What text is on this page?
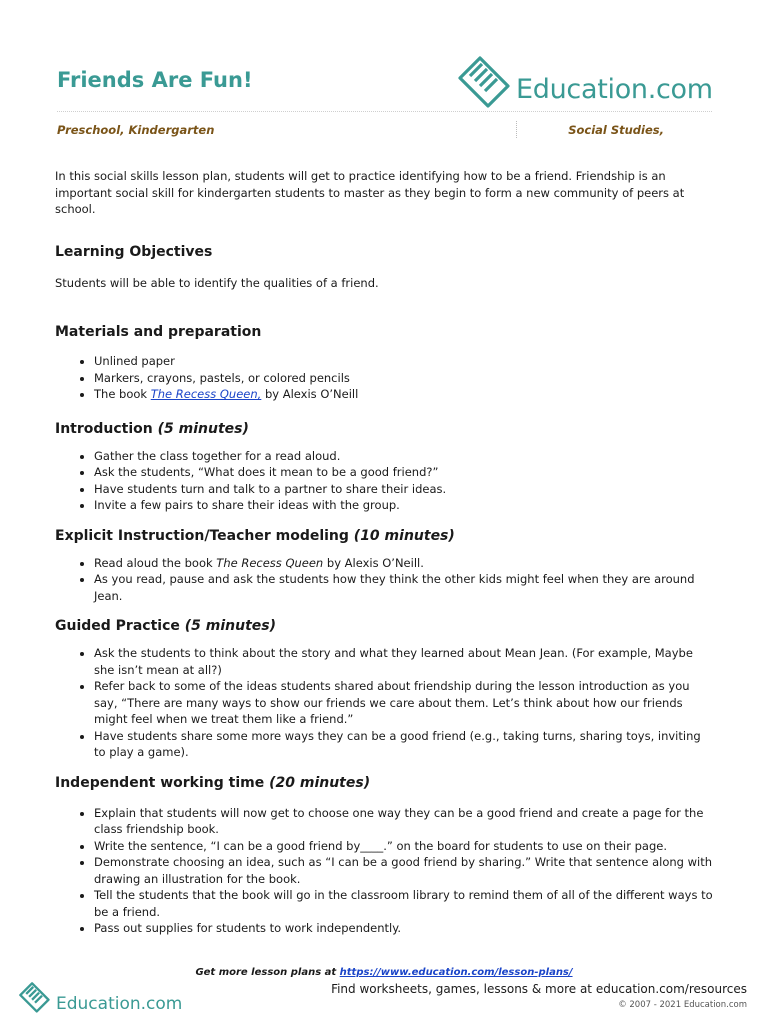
Friends Are Fun!	Education.com
Preschool, Kindergarten	Social Studies,

In this social skills lesson plan, students will get to practice identifying how to be a friend. Friendship is an important social skill for kindergarten students to master as they begin to form a new community of peers at school.

Learning Objectives

Students will be able to identify the qualities of a friend.

Materials and preparation
• Unlined paper
• Markers, crayons, pastels, or colored pencils
• The book The Recess Queen, by Alexis O’Neill
Introduction (5 minutes)
• Gather the class together for a read aloud.
• Ask the students, “What does it mean to be a good friend?”
• Have students turn and talk to a partner to share their ideas.
• Invite a few pairs to share their ideas with the group.
Explicit Instruction/Teacher modeling (10 minutes)
• Read aloud the book The Recess Queen by Alexis O’Neill.
• As you read, pause and ask the students how they think the other kids might feel when they are around Jean.
Guided Practice (5 minutes)
• Ask the students to think about the story and what they learned about Mean Jean. (For example, Maybe she isn’t mean at all?)
• Refer back to some of the ideas students shared about friendship during the lesson introduction as you say, “There are many ways to show our friends we care about them. Let’s think about how our friends might feel when we treat them like a friend.”
• Have students share some more ways they can be a good friend (e.g., taking turns, sharing toys, inviting to play a game).
Independent working time (20 minutes)
• Explain that students will now get to choose one way they can be a good friend and create a page for the class friendship book.
• Write the sentence, “I can be a good friend by____.” on the board for students to use on their page.
• Demonstrate choosing an idea, such as “I can be a good friend by sharing.” Write that sentence along with drawing an illustration for the book.
• Tell the students that the book will go in the classroom library to remind them of all of the different ways to be a friend.
• Pass out supplies for students to work independently.
Get more lesson plans at https://www.education.com/lesson-plans/
Education.com
Find worksheets, games, lessons & more at education.com/resources
© 2007 - 2021 Education.com
